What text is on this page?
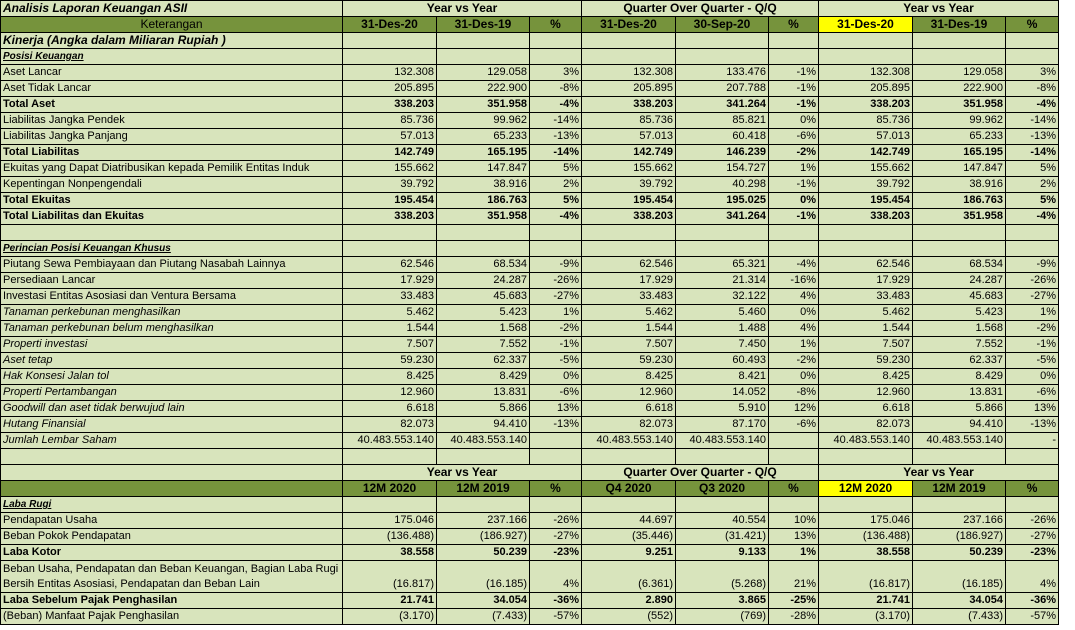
Analisis Laporan Keuangan ASII	Year vs Year			Quarter Over Quarter - Q/Q			Year vs Year		
Keterangan	31-Des-20	31-Des-19	%	31-Des-20	30-Sep-20	%	31-Des-20	31-Des-19	%
Kinerja (Angka dalam Miliaran Rupiah )									
Posisi Keuangan									
Aset Lancar	132.308	129.058	3%	132.308	133.476	-1%	132.308	129.058	3%
Aset Tidak Lancar	205.895	222.900	-8%	205.895	207.788	-1%	205.895	222.900	-8%
Total Aset	338.203	351.958	-4%	338.203	341.264	-1%	338.203	351.958	-4%
Liabilitas Jangka Pendek	85.736	99.962	-14%	85.736	85.821	0%	85.736	99.962	-14%
Liabilitas Jangka Panjang	57.013	65.233	-13%	57.013	60.418	-6%	57.013	65.233	-13%
Total Liabilitas	142.749	165.195	-14%	142.749	146.239	-2%	142.749	165.195	-14%
Ekuitas yang Dapat Diatribusikan kepada Pemilik Entitas Induk	155.662	147.847	5%	155.662	154.727	1%	155.662	147.847	5%
Kepentingan Nonpengendali	39.792	38.916	2%	39.792	40.298	-1%	39.792	38.916	2%
Total Ekuitas	195.454	186.763	5%	195.454	195.025	0%	195.454	186.763	5%
Total Liabilitas dan Ekuitas	338.203	351.958	-4%	338.203	341.264	-1%	338.203	351.958	-4%

Perincian Posisi Keuangan Khusus									
Piutang Sewa Pembiayaan dan Piutang Nasabah Lainnya	62.546	68.534	-9%	62.546	65.321	-4%	62.546	68.534	-9%
Persediaan Lancar	17.929	24.287	-26%	17.929	21.314	-16%	17.929	24.287	-26%
Investasi Entitas Asosiasi dan Ventura Bersama	33.483	45.683	-27%	33.483	32.122	4%	33.483	45.683	-27%
Tanaman perkebunan menghasilkan	5.462	5.423	1%	5.462	5.460	0%	5.462	5.423	1%
Tanaman perkebunan belum menghasilkan	1.544	1.568	-2%	1.544	1.488	4%	1.544	1.568	-2%
Properti investasi	7.507	7.552	-1%	7.507	7.450	1%	7.507	7.552	-1%
Aset tetap	59.230	62.337	-5%	59.230	60.493	-2%	59.230	62.337	-5%
Hak Konsesi Jalan tol	8.425	8.429	0%	8.425	8.421	0%	8.425	8.429	0%
Properti Pertambangan	12.960	13.831	-6%	12.960	14.052	-8%	12.960	13.831	-6%
Goodwill dan aset tidak berwujud lain	6.618	5.866	13%	6.618	5.910	12%	6.618	5.866	13%
Hutang Finansial	82.073	94.410	-13%	82.073	87.170	-6%	82.073	94.410	-13%
Jumlah Lembar Saham	40.483.553.140	40.483.553.140		40.483.553.140	40.483.553.140		40.483.553.140	40.483.553.140	-

	Year vs Year			Quarter Over Quarter - Q/Q			Year vs Year		
	12M 2020	12M 2019	%	Q4 2020	Q3 2020	%	12M 2020	12M 2019	%
Laba Rugi									
Pendapatan Usaha	175.046	237.166	-26%	44.697	40.554	10%	175.046	237.166	-26%
Beban Pokok Pendapatan	(136.488)	(186.927)	-27%	(35.446)	(31.421)	13%	(136.488)	(186.927)	-27%
Laba Kotor	38.558	50.239	-23%	9.251	9.133	1%	38.558	50.239	-23%

Beban Usaha, Pendapatan dan Beban Keuangan, Bagian Laba Rugi
Bersih Entitas Asosiasi, Pendapatan dan Beban Lain	(16.817)	(16.185)	4%	(6.361)	(5.268)	21%	(16.817)	(16.185)	4%
Laba Sebelum Pajak Penghasilan	21.741	34.054	-36%	2.890	3.865	-25%	21.741	34.054	-36%
(Beban) Manfaat Pajak Penghasilan	(3.170)	(7.433)	-57%	(552)	(769)	-28%	(3.170)	(7.433)	-57%
